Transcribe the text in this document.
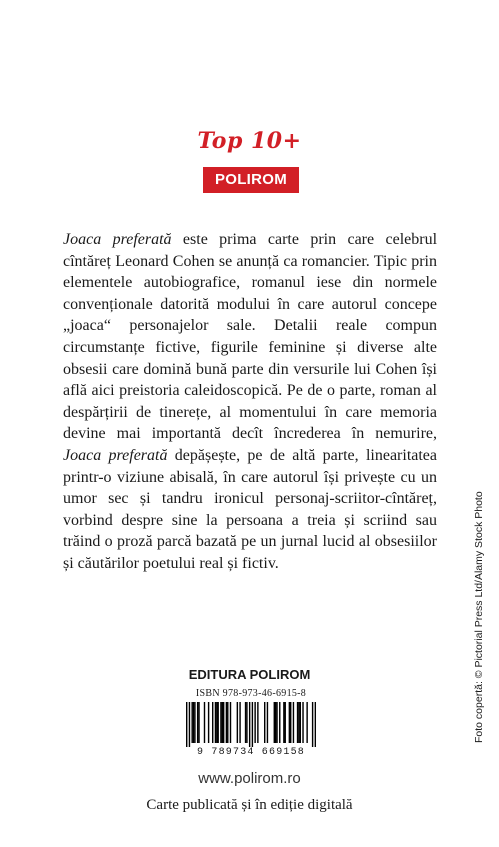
Top 10+
POLIROM

Joaca preferată este prima carte prin care celebrul cîntăreț Leonard Cohen se anunță ca romancier. Tipic prin elementele autobiografice, romanul iese din normele convenționale datorită modului în care autorul concepe „joaca“ personajelor sale. Detalii reale compun circumstanțe fictive, figurile feminine și diverse alte obsesii care domină bună parte din versurile lui Cohen își află aici preistoria caleidoscopică. Pe de o parte, roman al despărțirii de tinerețe, al momentului în care memoria devine mai importantă decît încrederea în nemurire, Joaca preferată depășește, pe de altă parte, linearitatea printr-o viziune abisală, în care autorul își privește cu un umor sec și tandru ironicul personaj-scriitor-cîntăreț, vorbind despre sine la persoana a treia și scriind sau trăind o proză parcă bazată pe un jurnal lucid al obsesiilor și căutărilor poetului real și fictiv.	Foto copertă: © Pictorial Press Ltd/Alamy Stock Photo
EDITURA POLIROM
ISBN 978-973-46-6915-8
9 789734 669158
www.polirom.ro
Carte publicată și în ediție digitală
